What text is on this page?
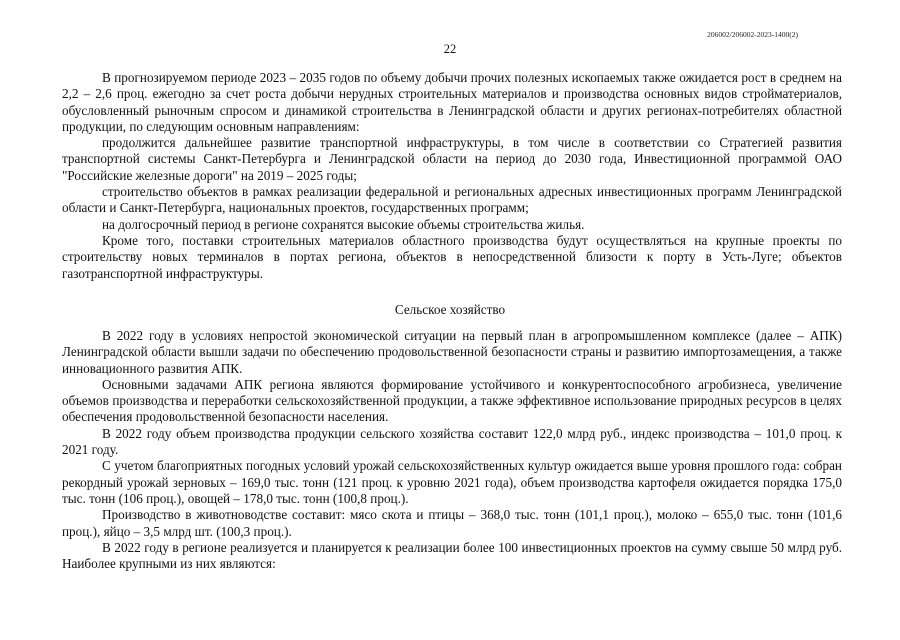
206002/206002-2023-1400(2)
22

В прогнозируемом периоде 2023 – 2035 годов по объему добычи прочих полезных ископаемых также ожидается рост в среднем на 2,2 – 2,6 проц. ежегодно за счет роста добычи нерудных строительных материалов и производства основных видов стройматериалов, обусловленный рыночным спросом и динамикой строительства в Ленинградской области и других регионах-потребителях областной продукции, по следующим основным направлениям:

продолжится дальнейшее развитие транспортной инфраструктуры, в том числе в соответствии со Стратегией развития транспортной системы Санкт-Петербурга и Ленинградской области на период до 2030 года, Инвестиционной программой ОАО "Российские железные дороги" на 2019 – 2025 годы;

строительство объектов в рамках реализации федеральной и региональных адресных инвестиционных программ Ленинградской области и Санкт-Петербурга, национальных проектов, государственных программ;

на долгосрочный период в регионе сохранятся высокие объемы строительства жилья.

Кроме того, поставки строительных материалов областного производства будут осуществляться на крупные проекты по строительству новых терминалов в портах региона, объектов в непосредственной близости к порту в Усть-Луге; объектов газотранспортной инфраструктуры.

Сельское хозяйство

В 2022 году в условиях непростой экономической ситуации на первый план в агропромышленном комплексе (далее – АПК) Ленинградской области вышли задачи по обеспечению продовольственной безопасности страны и развитию импортозамещения, а также инновационного развития АПК.

Основными задачами АПК региона являются формирование устойчивого и конкурентоспособного агробизнеса, увеличение объемов производства и переработки сельскохозяйственной продукции, а также эффективное использование природных ресурсов в целях обеспечения продовольственной безопасности населения.

В 2022 году объем производства продукции сельского хозяйства составит 122,0 млрд руб., индекс производства – 101,0 проц. к 2021 году.

С учетом благоприятных погодных условий урожай сельскохозяйственных культур ожидается выше уровня прошлого года: собран рекордный урожай зерновых – 169,0 тыс. тонн (121 проц. к уровню 2021 года), объем производства картофеля ожидается порядка 175,0 тыс. тонн (106 проц.), овощей – 178,0 тыс. тонн (100,8 проц.).

Производство в животноводстве составит: мясо скота и птицы – 368,0 тыс. тонн (101,1 проц.), молоко – 655,0 тыс. тонн (101,6 проц.), яйцо – 3,5 млрд шт. (100,3 проц.).

В 2022 году в регионе реализуется и планируется к реализации более 100 инвестиционных проектов на сумму свыше 50 млрд руб. Наиболее крупными из них являются:
